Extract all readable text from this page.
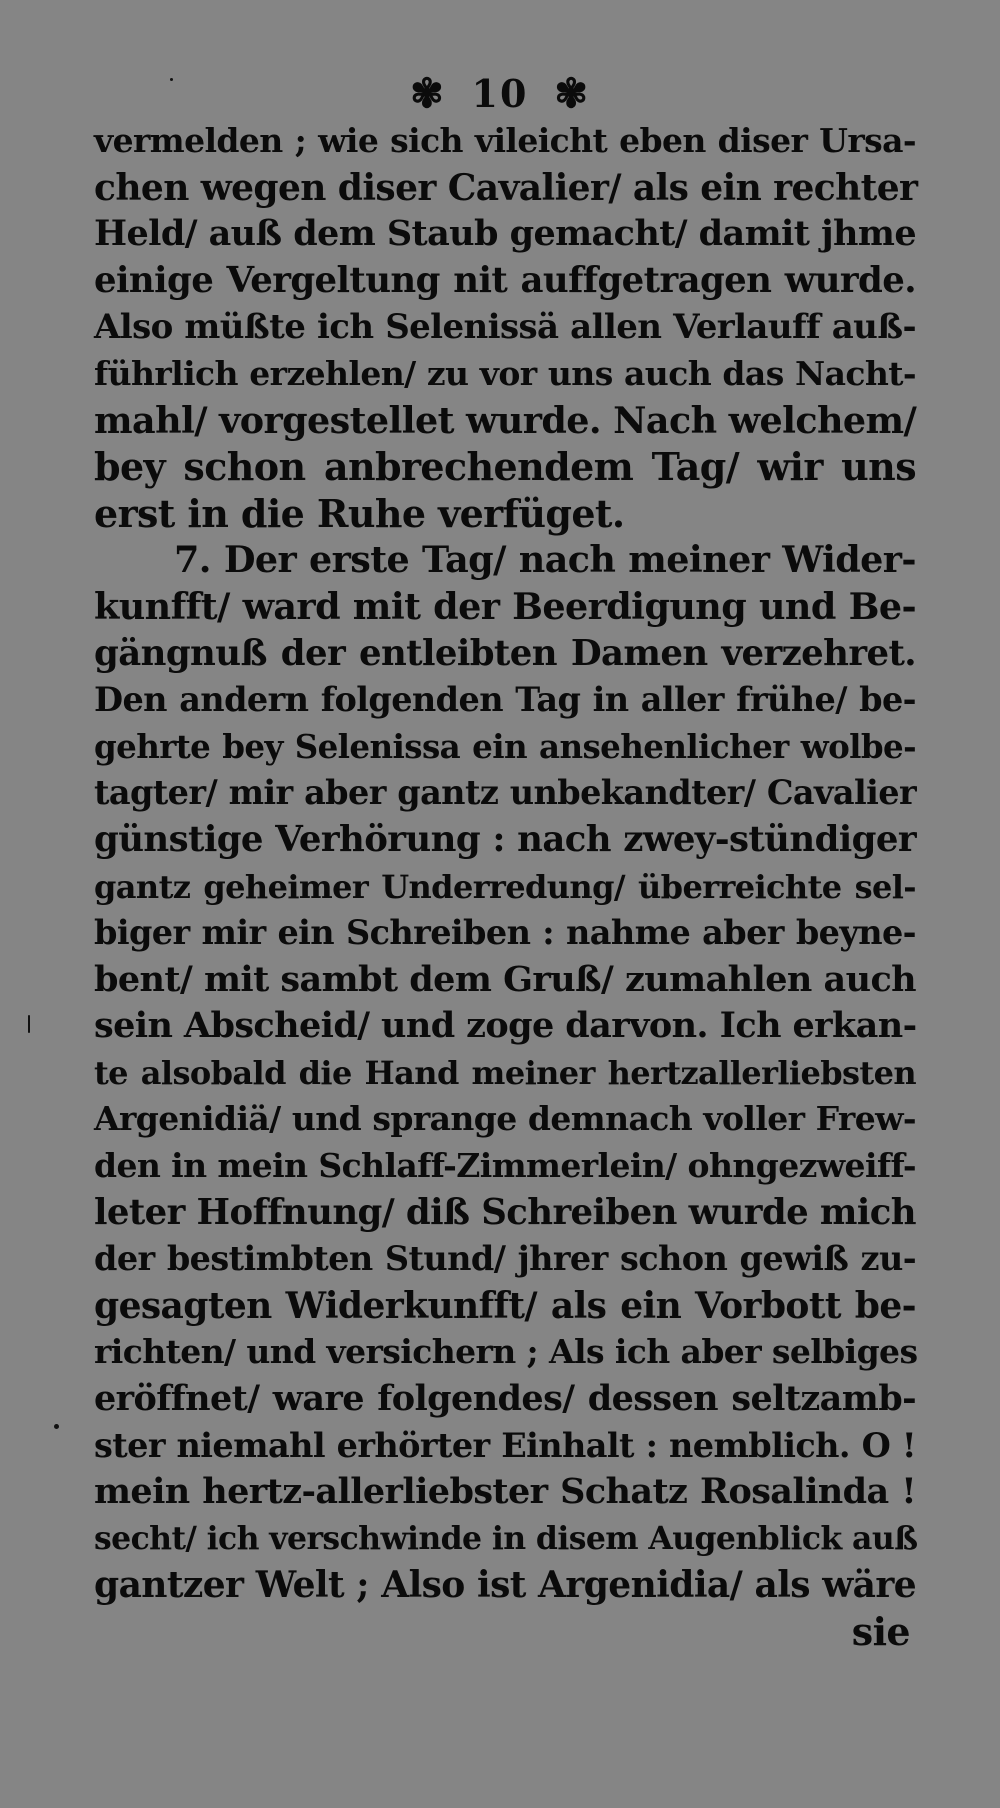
✾ 10 ✾
vermelden ; wie sich vileicht eben diser Ursa-
chen wegen diser Cavalier/ als ein rechter
Held/ auß dem Staub gemacht/ damit jhme
einige Vergeltung nit auffgetragen wurde.
Also müßte ich Selenissä allen Verlauff auß-
führlich erzehlen/ zu vor uns auch das Nacht-
mahl/ vorgestellet wurde. Nach welchem/
bey schon anbrechendem Tag/ wir uns
erst in die Ruhe verfüget.
7. Der erste Tag/ nach meiner Wider-
kunfft/ ward mit der Beerdigung und Be-
gängnuß der entleibten Damen verzehret.
Den andern folgenden Tag in aller frühe/ be-
gehrte bey Selenissa ein ansehenlicher wolbe-
tagter/ mir aber gantz unbekandter/ Cavalier
günstige Verhörung : nach zwey-stündiger
gantz geheimer Underredung/ überreichte sel-
biger mir ein Schreiben : nahme aber beyne-
bent/ mit sambt dem Gruß/ zumahlen auch
sein Abscheid/ und zoge darvon. Ich erkan-
te alsobald die Hand meiner hertzallerliebsten
Argenidiä/ und sprange demnach voller Frew-
den in mein Schlaff-Zimmerlein/ ohngezweiff-
leter Hoffnung/ diß Schreiben wurde mich
der bestimbten Stund/ jhrer schon gewiß zu-
gesagten Widerkunfft/ als ein Vorbott be-
richten/ und versichern ; Als ich aber selbiges
eröffnet/ ware folgendes/ dessen seltzamb-
ster niemahl erhörter Einhalt : nemblich. O !
mein hertz-allerliebster Schatz Rosalinda !
secht/ ich verschwinde in disem Augenblick auß
gantzer Welt ; Also ist Argenidia/ als wäre
sie
